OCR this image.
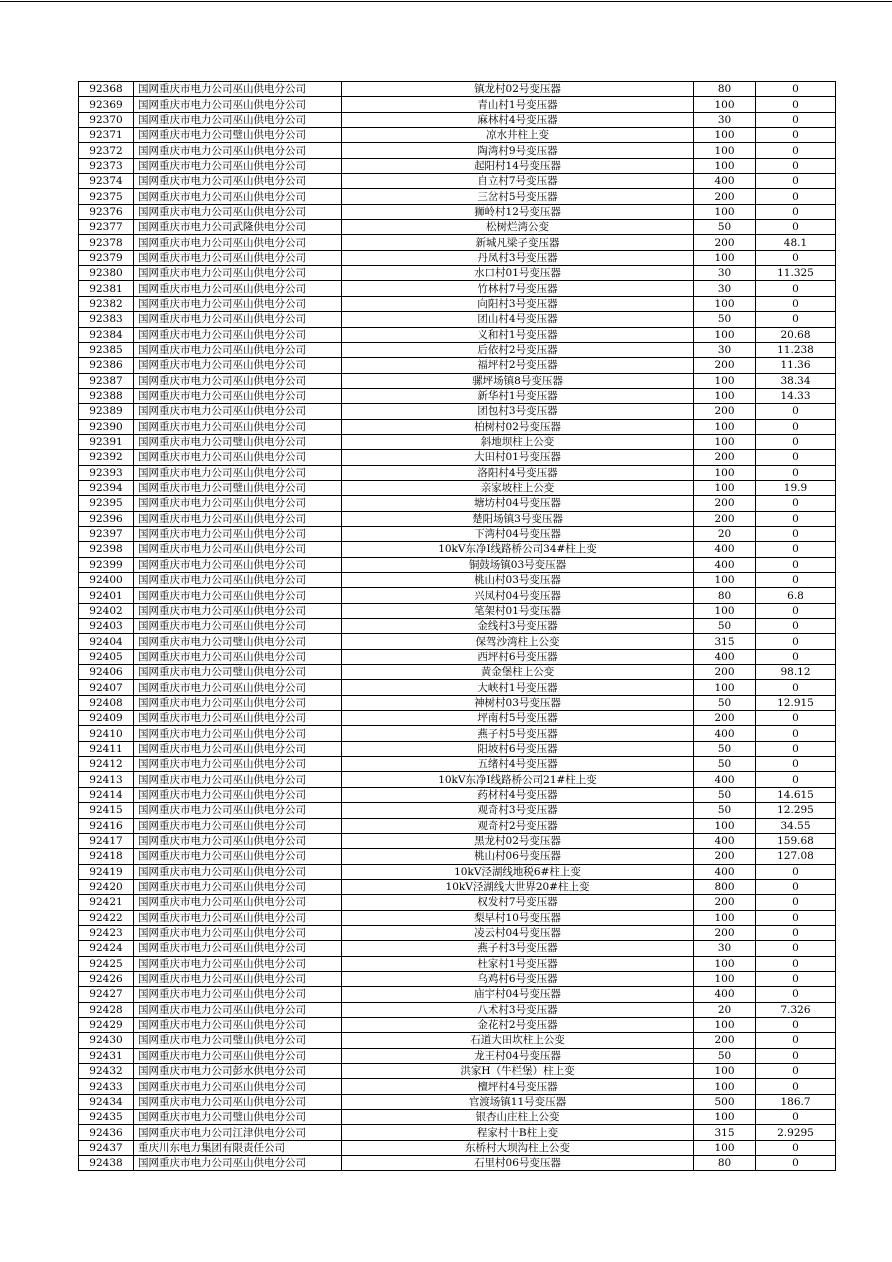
92368	国网重庆市电力公司巫山供电分公司	镇龙村02号变压器	80	0
92369	国网重庆市电力公司巫山供电分公司	青山村1号变压器	100	0
92370	国网重庆市电力公司巫山供电分公司	麻林村4号变压器	30	0
92371	国网重庆市电力公司璧山供电分公司	凉水井柱上变	100	0
92372	国网重庆市电力公司巫山供电分公司	陶湾村9号变压器	100	0
92373	国网重庆市电力公司巫山供电分公司	起阳村14号变压器	100	0
92374	国网重庆市电力公司巫山供电分公司	自立村7号变压器	400	0
92375	国网重庆市电力公司巫山供电分公司	三岔村5号变压器	200	0
92376	国网重庆市电力公司巫山供电分公司	狮岭村12号变压器	100	0
92377	国网重庆市电力公司武隆供电分公司	松树烂湾公变	50	0
92378	国网重庆市电力公司巫山供电分公司	新城凡梁子变压器	200	48.1
92379	国网重庆市电力公司巫山供电分公司	丹凤村3号变压器	100	0
92380	国网重庆市电力公司巫山供电分公司	水口村01号变压器	30	11.325
92381	国网重庆市电力公司巫山供电分公司	竹林村7号变压器	30	0
92382	国网重庆市电力公司巫山供电分公司	向阳村3号变压器	100	0
92383	国网重庆市电力公司巫山供电分公司	团山村4号变压器	50	0
92384	国网重庆市电力公司巫山供电分公司	义和村1号变压器	100	20.68
92385	国网重庆市电力公司巫山供电分公司	后依村2号变压器	30	11.238
92386	国网重庆市电力公司巫山供电分公司	福坪村2号变压器	200	11.36
92387	国网重庆市电力公司巫山供电分公司	骡坪场镇8号变压器	100	38.34
92388	国网重庆市电力公司巫山供电分公司	新华村1号变压器	100	14.33
92389	国网重庆市电力公司巫山供电分公司	团包村3号变压器	200	0
92390	国网重庆市电力公司巫山供电分公司	柏树村02号变压器	100	0
92391	国网重庆市电力公司璧山供电分公司	斜地坝柱上公变	100	0
92392	国网重庆市电力公司巫山供电分公司	大田村01号变压器	200	0
92393	国网重庆市电力公司巫山供电分公司	洛阳村4号变压器	100	0
92394	国网重庆市电力公司璧山供电分公司	亲家坡柱上公变	100	19.9
92395	国网重庆市电力公司巫山供电分公司	塘坊村04号变压器	200	0
92396	国网重庆市电力公司巫山供电分公司	楚阳场镇3号变压器	200	0
92397	国网重庆市电力公司巫山供电分公司	下湾村04号变压器	20	0
92398	国网重庆市电力公司巫山供电分公司	10kV东净I线路桥公司34#柱上变	400	0
92399	国网重庆市电力公司巫山供电分公司	铜鼓场镇03号变压器	400	0
92400	国网重庆市电力公司巫山供电分公司	桃山村03号变压器	100	0
92401	国网重庆市电力公司巫山供电分公司	兴凤村04号变压器	80	6.8
92402	国网重庆市电力公司巫山供电分公司	笔架村01号变压器	100	0
92403	国网重庆市电力公司巫山供电分公司	金线村3号变压器	50	0
92404	国网重庆市电力公司璧山供电分公司	保驾沙湾柱上公变	315	0
92405	国网重庆市电力公司巫山供电分公司	西坪村6号变压器	400	0
92406	国网重庆市电力公司璧山供电分公司	黄金堡柱上公变	200	98.12
92407	国网重庆市电力公司巫山供电分公司	大峡村1号变压器	100	0
92408	国网重庆市电力公司巫山供电分公司	神树村03号变压器	50	12.915
92409	国网重庆市电力公司巫山供电分公司	坪南村5号变压器	200	0
92410	国网重庆市电力公司巫山供电分公司	燕子村5号变压器	400	0
92411	国网重庆市电力公司巫山供电分公司	阳坡村6号变压器	50	0
92412	国网重庆市电力公司巫山供电分公司	五绪村4号变压器	50	0
92413	国网重庆市电力公司巫山供电分公司	10kV东净I线路桥公司21#柱上变	400	0
92414	国网重庆市电力公司巫山供电分公司	药材村4号变压器	50	14.615
92415	国网重庆市电力公司巫山供电分公司	观奇村3号变压器	50	12.295
92416	国网重庆市电力公司巫山供电分公司	观奇村2号变压器	100	34.55
92417	国网重庆市电力公司巫山供电分公司	黑龙村02号变压器	400	159.68
92418	国网重庆市电力公司巫山供电分公司	桃山村06号变压器	200	127.08
92419	国网重庆市电力公司巫山供电分公司	10kV泾湖线地税6#柱上变	400	0
92420	国网重庆市电力公司巫山供电分公司	10kV泾湖线大世界20#柱上变	800	0
92421	国网重庆市电力公司巫山供电分公司	权发村7号变压器	200	0
92422	国网重庆市电力公司巫山供电分公司	梨早村10号变压器	100	0
92423	国网重庆市电力公司巫山供电分公司	凌云村04号变压器	200	0
92424	国网重庆市电力公司巫山供电分公司	燕子村3号变压器	30	0
92425	国网重庆市电力公司巫山供电分公司	杜家村1号变压器	100	0
92426	国网重庆市电力公司巫山供电分公司	乌鸡村6号变压器	100	0
92427	国网重庆市电力公司巫山供电分公司	庙宇村04号变压器	400	0
92428	国网重庆市电力公司巫山供电分公司	八术村3号变压器	20	7.326
92429	国网重庆市电力公司巫山供电分公司	金花村2号变压器	100	0
92430	国网重庆市电力公司璧山供电分公司	石道大田坎柱上公变	200	0
92431	国网重庆市电力公司巫山供电分公司	龙王村04号变压器	50	0
92432	国网重庆市电力公司彭水供电分公司	洪家H（牛栏堡）柱上变	100	0
92433	国网重庆市电力公司巫山供电分公司	檀坪村4号变压器	100	0
92434	国网重庆市电力公司巫山供电分公司	官渡场镇11号变压器	500	186.7
92435	国网重庆市电力公司璧山供电分公司	银杏山庄柱上公变	100	0
92436	国网重庆市电力公司江津供电分公司	程家村十B柱上变	315	2.9295
92437	重庆川东电力集团有限责任公司	东桥村大坝沟柱上公变	100	0
92438	国网重庆市电力公司巫山供电分公司	石里村06号变压器	80	0
